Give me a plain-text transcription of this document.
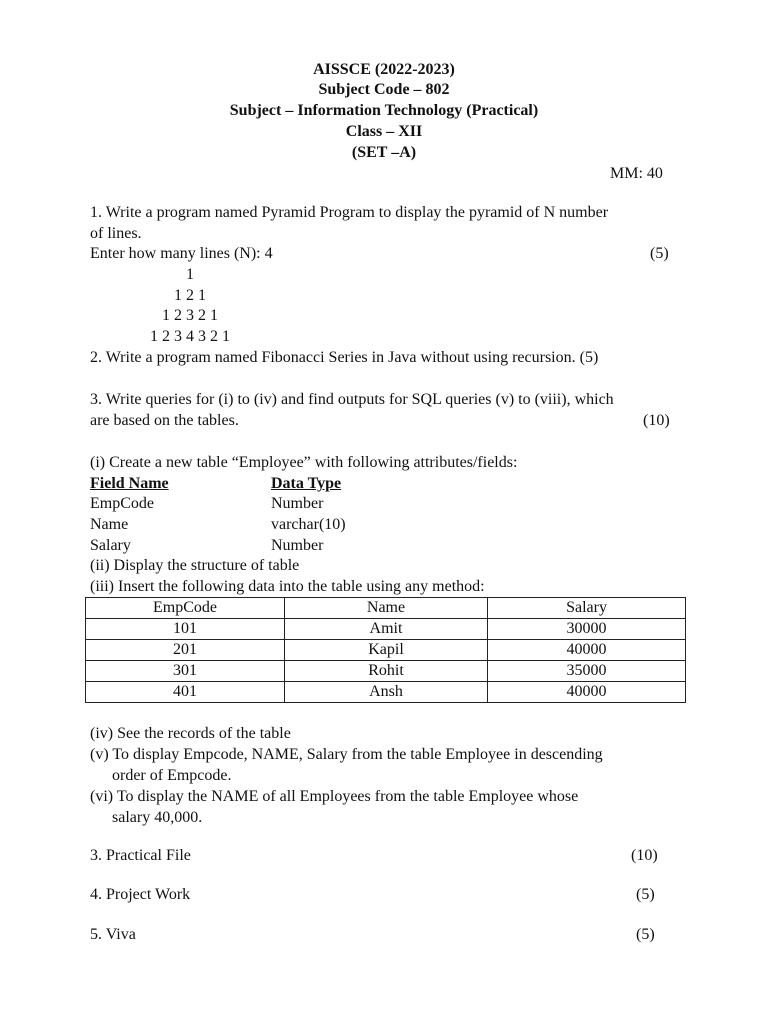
AISSCE (2022-2023)
Subject Code – 802
Subject – Information Technology (Practical)
Class – XII
(SET –A)
MM: 40
1. Write a program named Pyramid Program to display the pyramid of N number
of lines.
Enter how many lines (N): 4	(5)
1
1 2 1
1 2 3 2 1
1 2 3 4 3 2 1
2. Write a program named Fibonacci Series in Java without using recursion. (5)
3. Write queries for (i) to (iv) and find outputs for SQL queries (v) to (viii), which
are based on the tables.	(10)
(i) Create a new table “Employee” with following attributes/fields:
Field Name	Data Type
EmpCode	Number
Name	varchar(10)
Salary	Number
(ii) Display the structure of table
(iii) Insert the following data into the table using any method:
EmpCode	Name	Salary
101	Amit	30000
201	Kapil	40000
301	Rohit	35000
401	Ansh	40000
(iv) See the records of the table
(v) To display Empcode, NAME, Salary from the table Employee in descending
order of Empcode.
(vi) To display the NAME of all Employees from the table Employee whose
salary 40,000.
3. Practical File	(10)
4. Project Work	(5)
5. Viva	(5)
